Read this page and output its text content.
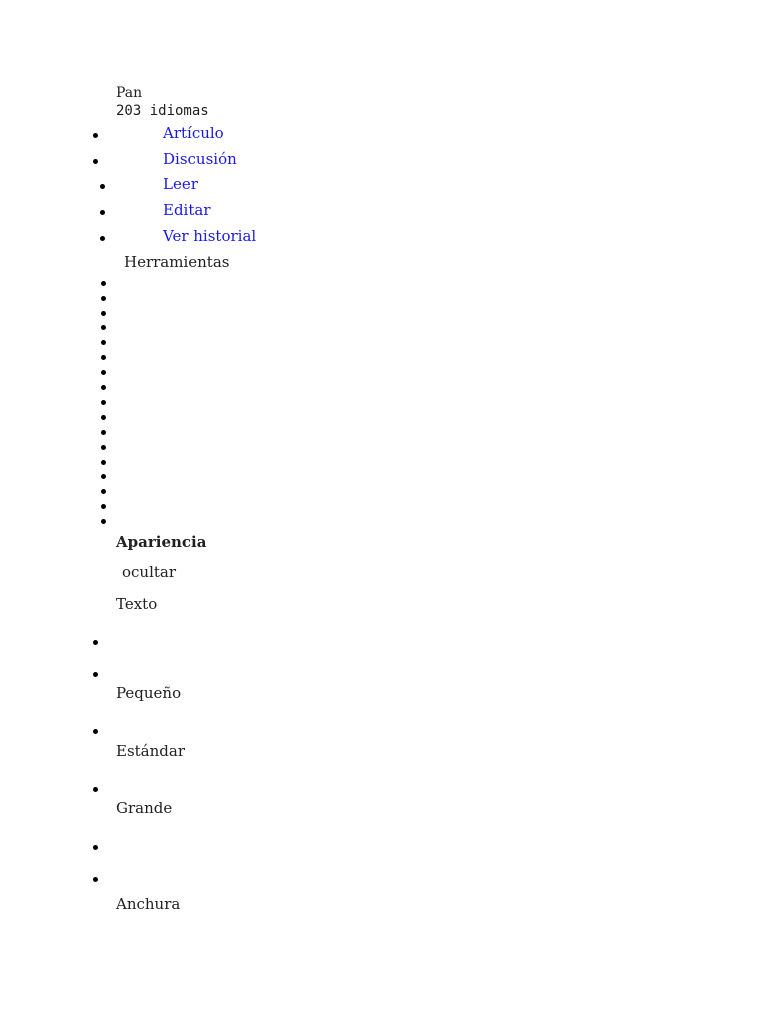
Pan
203 idiomas
Artículo
Discusión
Leer
Editar
Ver historial
Herramientas
Apariencia
ocultar
Texto
Pequeño
Estándar
Grande
Anchura
